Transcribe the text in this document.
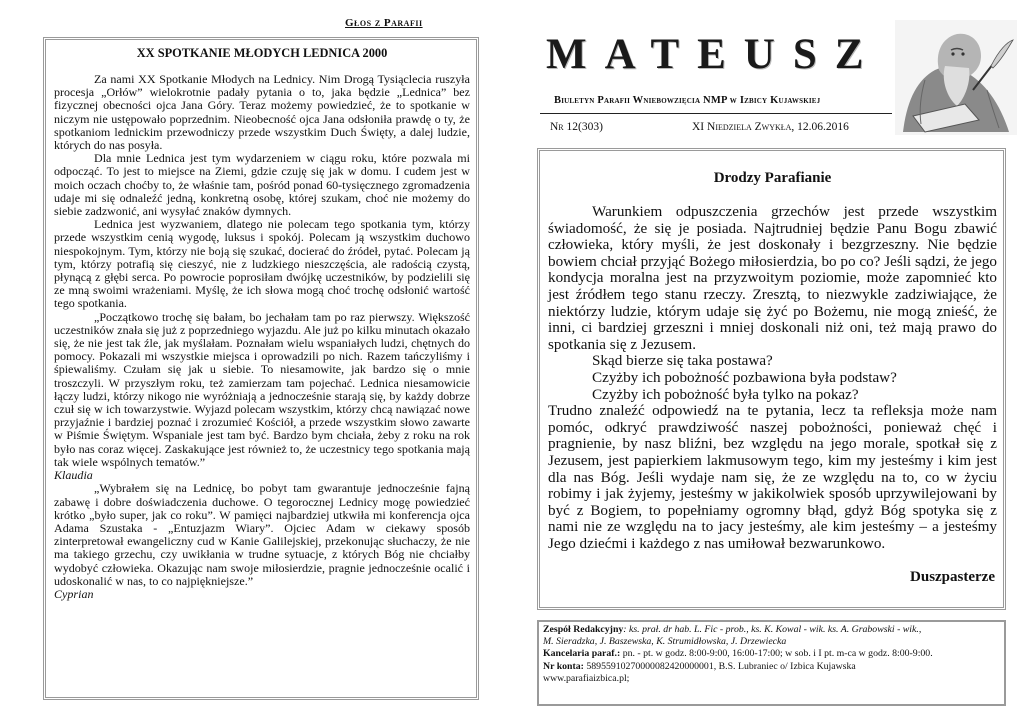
Głos z Parafii
XX SPOTKANIE MŁODYCH LEDNICA 2000

Za nami XX Spotkanie Młodych na Lednicy. Nim Drogą Tysiąclecia ruszyła procesja „Orłów” wielokrotnie padały pytania o to, jaka będzie „Lednica” bez fizycznej obecności ojca Jana Góry. Teraz możemy powiedzieć, że to spotkanie w niczym nie ustępowało poprzednim. Nieobecność ojca Jana odsłoniła prawdę o ty, że spotkaniom lednickim przewodniczy przede wszystkim Duch Święty, a dalej ludzie, których do nas posyła.

Dla mnie Lednica jest tym wydarzeniem w ciągu roku, które pozwala mi odpocząć. To jest to miejsce na Ziemi, gdzie czuję się jak w domu. I cudem jest w moich oczach choćby to, że właśnie tam, pośród ponad 60-tysięcznego zgromadzenia udaje mi się odnaleźć jedną, konkretną osobę, której szukam, choć nie możemy do siebie zadzwonić, ani wysyłać znaków dymnych.

Lednica jest wyzwaniem, dlatego nie polecam tego spotkania tym, którzy przede wszystkim cenią wygodę, luksus i spokój. Polecam ją wszystkim duchowo niespokojnym. Tym, którzy nie boją się szukać, docierać do źródeł, pytać. Polecam ją tym, którzy potrafią się cieszyć, nie z ludzkiego nieszczęścia, ale radością czystą, płynącą z głębi serca. Po powrocie poprosiłam dwójkę uczestników, by podzielili się ze mną swoimi wrażeniami. Myślę, że ich słowa mogą choć trochę odsłonić wartość tego spotkania.

„Początkowo trochę się bałam, bo jechałam tam po raz pierwszy. Większość uczestników znała się już z poprzedniego wyjazdu. Ale już po kilku minutach okazało się, że nie jest tak źle, jak myślałam. Poznałam wielu wspaniałych ludzi, chętnych do pomocy. Pokazali mi wszystkie miejsca i oprowadzili po nich. Razem tańczyliśmy i śpiewaliśmy. Czułam się jak u siebie. To niesamowite, jak bardzo się o mnie troszczyli. W przyszłym roku, też zamierzam tam pojechać. Lednica niesamowicie łączy ludzi, którzy nikogo nie wyróżniają a jednocześnie starają się, by każdy dobrze czuł się w ich towarzystwie. Wyjazd polecam wszystkim, którzy chcą nawiązać nowe przyjaźnie i bardziej poznać i zrozumieć Kościół, a przede wszystkim słowo zawarte w Piśmie Świętym. Wspaniale jest tam być. Bardzo bym chciała, żeby z roku na rok było nas coraz więcej. Zaskakujące jest również to, że uczestnicy tego spotkania mają tak wiele wspólnych tematów.”

Klaudia

„Wybrałem się na Lednicę, bo pobyt tam gwarantuje jednocześnie fajną zabawę i dobre doświadczenia duchowe. O tegorocznej Lednicy mogę powiedzieć krótko „było super, jak co roku”. W pamięci najbardziej utkwiła mi konferencja ojca Adama Szustaka - „Entuzjazm Wiary”. Ojciec Adam w ciekawy sposób zinterpretował ewangeliczny cud w Kanie Galilejskiej, przekonując słuchaczy, że nie ma takiego grzechu, czy uwikłania w trudne sytuacje, z których Bóg nie chciałby wydobyć człowieka. Okazując nam swoje miłosierdzie, pragnie jednocześnie ocalić i udoskonalić w nas, to co najpiękniejsze.”

Cyprian

MATEUSZ
Biuletyn Parafii Wniebowzięcia NMP w Izbicy Kujawskiej
Nr 12(303)	XI Niedziela Zwykła, 12.06.2016
Drodzy Parafianie

Warunkiem odpuszczenia grzechów jest przede wszystkim świadomość, że się je posiada. Najtrudniej będzie Panu Bogu zbawić człowieka, który myśli, że jest doskonały i bezgrzeszny. Nie będzie bowiem chciał przyjąć Bożego miłosierdzia, bo po co? Jeśli sądzi, że jego kondycja moralna jest na przyzwoitym poziomie, może zapomnieć kto jest źródłem tego stanu rzeczy. Zresztą, to niezwykle zadziwiające, że niektórzy ludzie, którym udaje się żyć po Bożemu, nie mogą znieść, że inni, ci bardziej grzeszni i mniej doskonali niż oni, też mają prawo do spotkania się z Jezusem.

Skąd bierze się taka postawa?

Czyżby ich pobożność pozbawiona była podstaw?

Czyżby ich pobożność była tylko na pokaz?

Trudno znaleźć odpowiedź na te pytania, lecz ta refleksja może nam pomóc, odkryć prawdziwość naszej pobożności, ponieważ chęć i pragnienie, by nasz bliźni, bez względu na jego morale, spotkał się z Jezusem, jest papierkiem lakmusowym tego, kim my jesteśmy i kim jest dla nas Bóg. Jeśli wydaje nam się, że ze względu na to, co w życiu robimy i jak żyjemy, jesteśmy w jakikolwiek sposób uprzywilejowani by być z Bogiem, to popełniamy ogromny błąd, gdyż Bóg spotyka się z nami nie ze względu na to jacy jesteśmy, ale kim jesteśmy – a jesteśmy Jego dziećmi i każdego z nas umiłował bezwarunkowo.

Duszpasterze
Zespół Redakcyjny: ks. prał. dr hab. L. Fic - prob., ks. K. Kowal - wik. ks. A. Grabowski - wik.,
M. Sieradzka, J. Baszewska, K. Strumidłowska, J. Drzewiecka
Kancelaria paraf.: pn. - pt. w godz. 8:00-9:00, 16:00-17:00; w sob. i I pt. m-ca w godz. 8:00-9:00.
Nr konta: 58955910270000082420000001, B.S. Lubraniec o/ Izbica Kujawska
www.parafiaizbica.pl;
